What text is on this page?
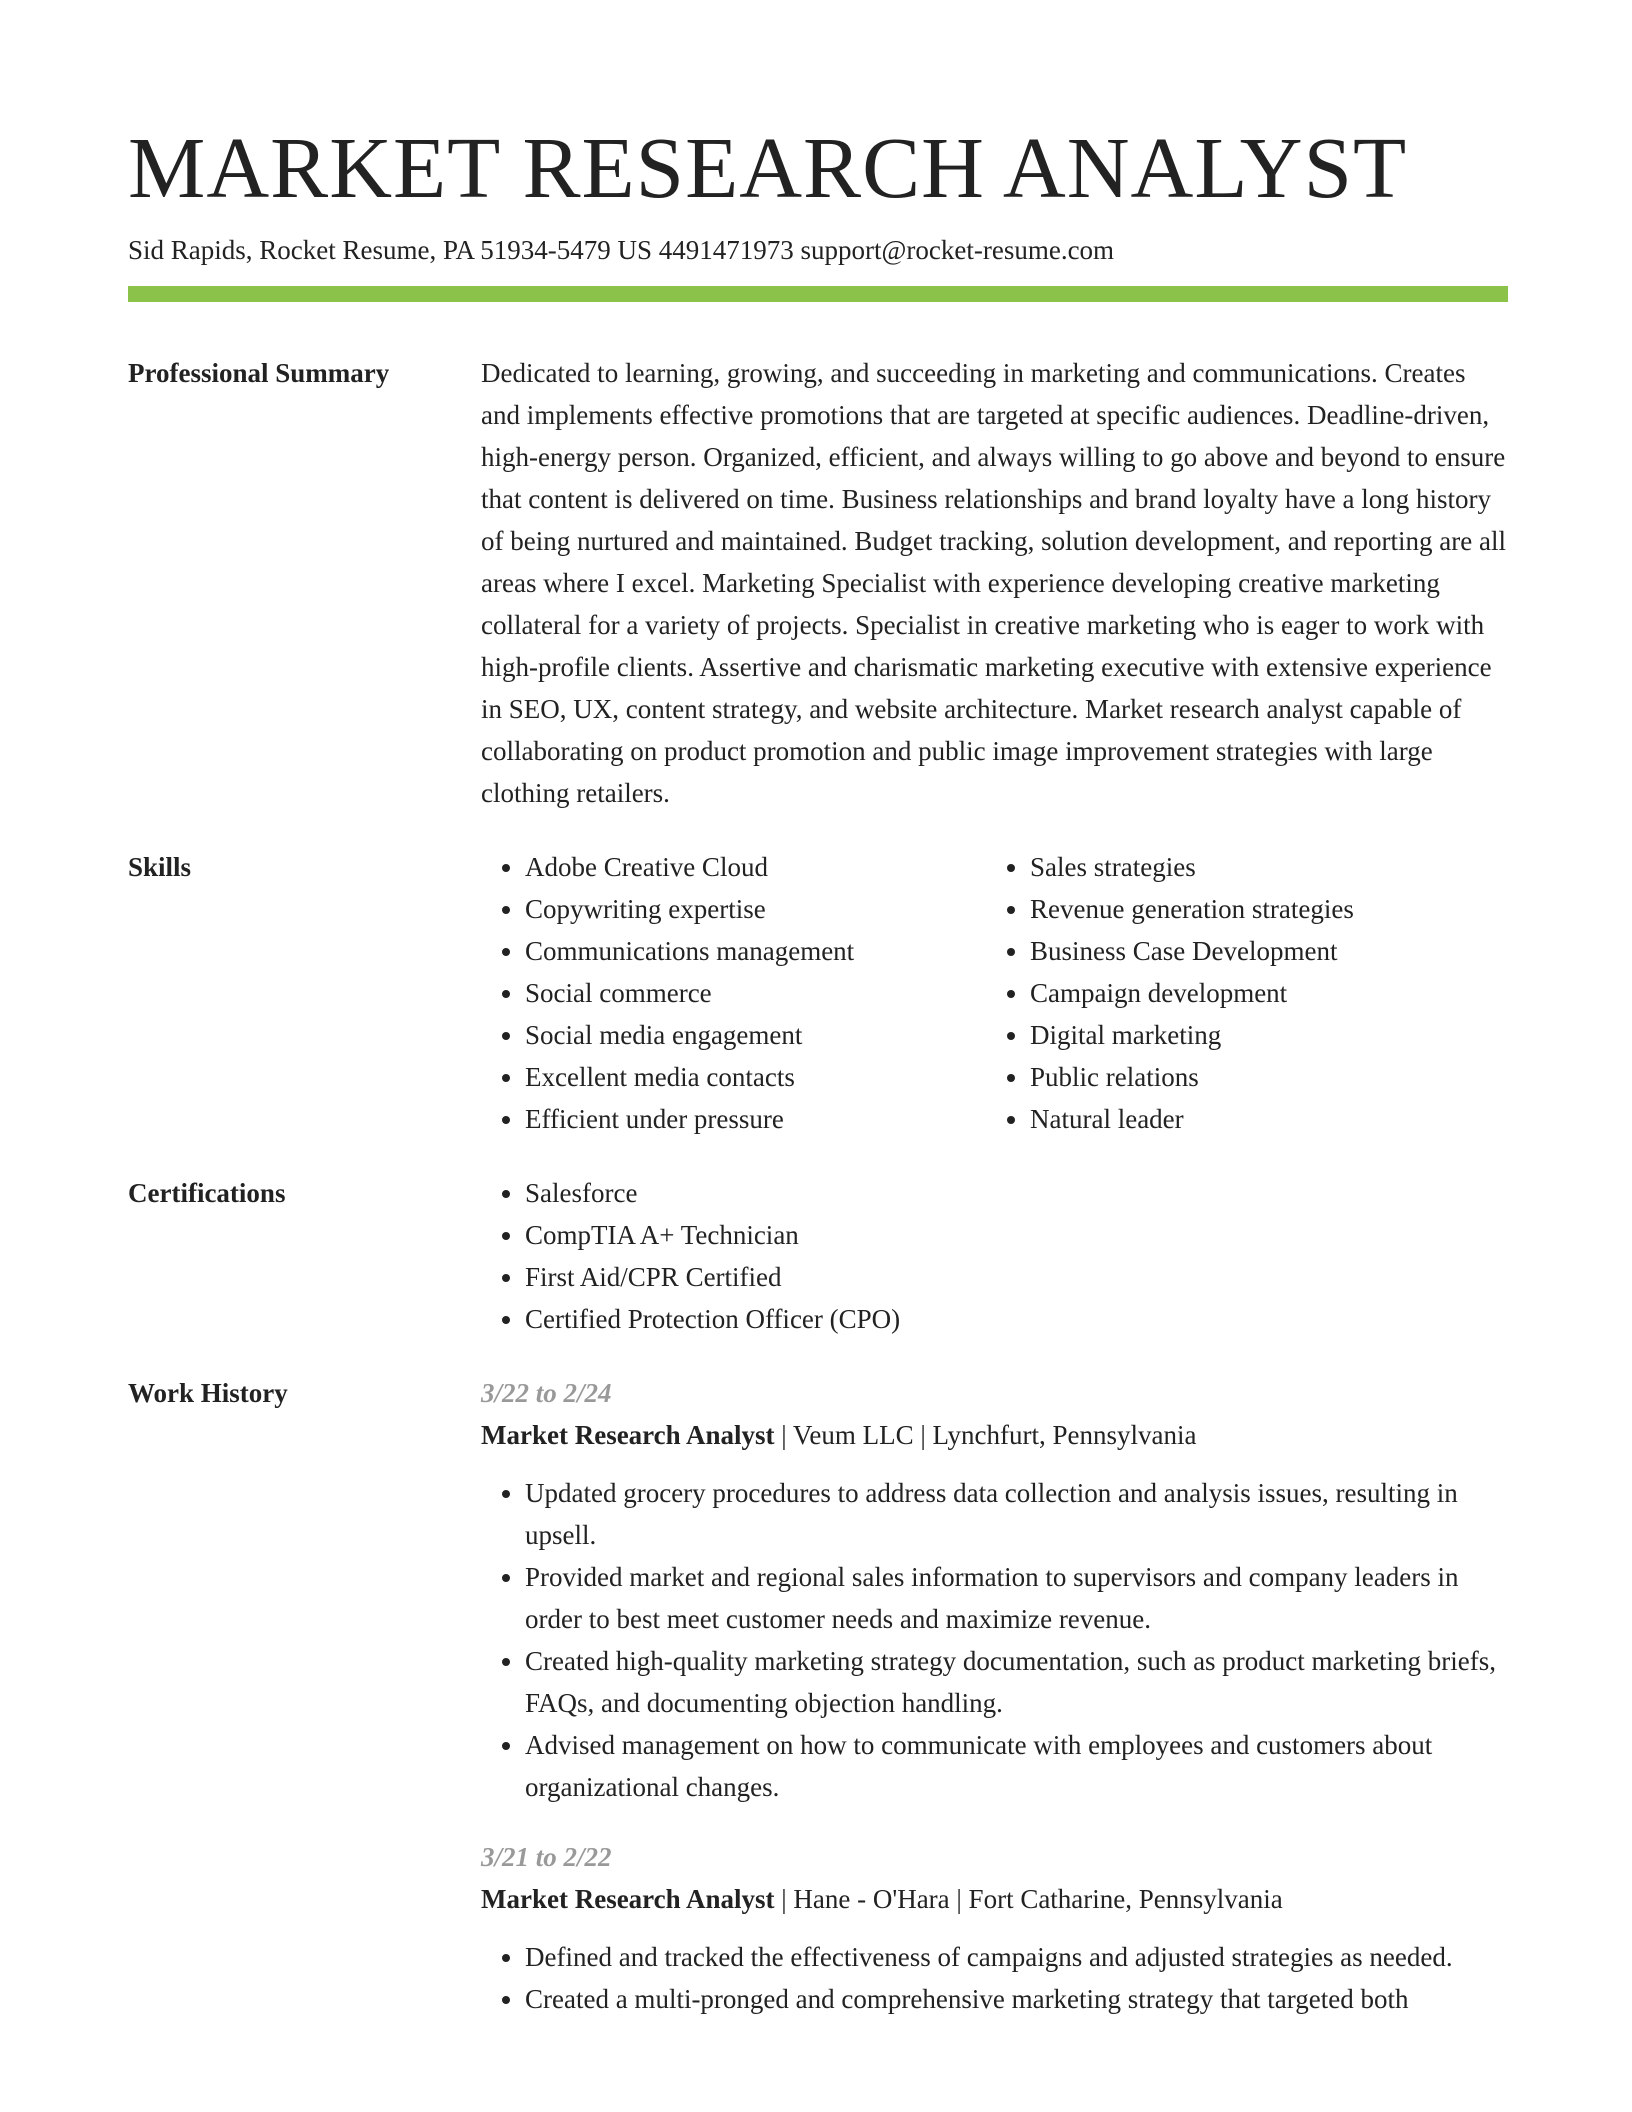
MARKET RESEARCH ANALYST
Sid Rapids, Rocket Resume, PA 51934-5479 US 4491471973 support@rocket-resume.com
Professional Summary	Dedicated to learning, growing, and succeeding in marketing and communications. Creates and implements effective promotions that are targeted at specific audiences. Deadline-driven, high-energy person. Organized, efficient, and always willing to go above and beyond to ensure that content is delivered on time. Business relationships and brand loyalty have a long history of being nurtured and maintained. Budget tracking, solution development, and reporting are all areas where I excel. Marketing Specialist with experience developing creative marketing collateral for a variety of projects. Specialist in creative marketing who is eager to work with high-profile clients. Assertive and charismatic marketing executive with extensive experience in SEO, UX, content strategy, and website architecture. Market research analyst capable of collaborating on product promotion and public image improvement strategies with large clothing retailers.

Skills	• Adobe Creative Cloud
• Copywriting expertise
• Communications management
• Social commerce
• Social media engagement
• Excellent media contacts
• Efficient under pressure
• Sales strategies
• Revenue generation strategies
• Business Case Development
• Campaign development
• Digital marketing
• Public relations
• Natural leader
Certifications	• Salesforce
• CompTIA A+ Technician
• First Aid/CPR Certified
• Certified Protection Officer (CPO)
Work History	3/22 to 2/24
Market Research Analyst | Veum LLC | Lynchfurt, Pennsylvania
• Updated grocery procedures to address data collection and analysis issues, resulting in upsell.
• Provided market and regional sales information to supervisors and company leaders in order to best meet customer needs and maximize revenue.
• Created high-quality marketing strategy documentation, such as product marketing briefs, FAQs, and documenting objection handling.
• Advised management on how to communicate with employees and customers about organizational changes.
3/21 to 2/22
Market Research Analyst | Hane - O'Hara | Fort Catharine, Pennsylvania
• Defined and tracked the effectiveness of campaigns and adjusted strategies as needed.
• Created a multi-pronged and comprehensive marketing strategy that targeted both
